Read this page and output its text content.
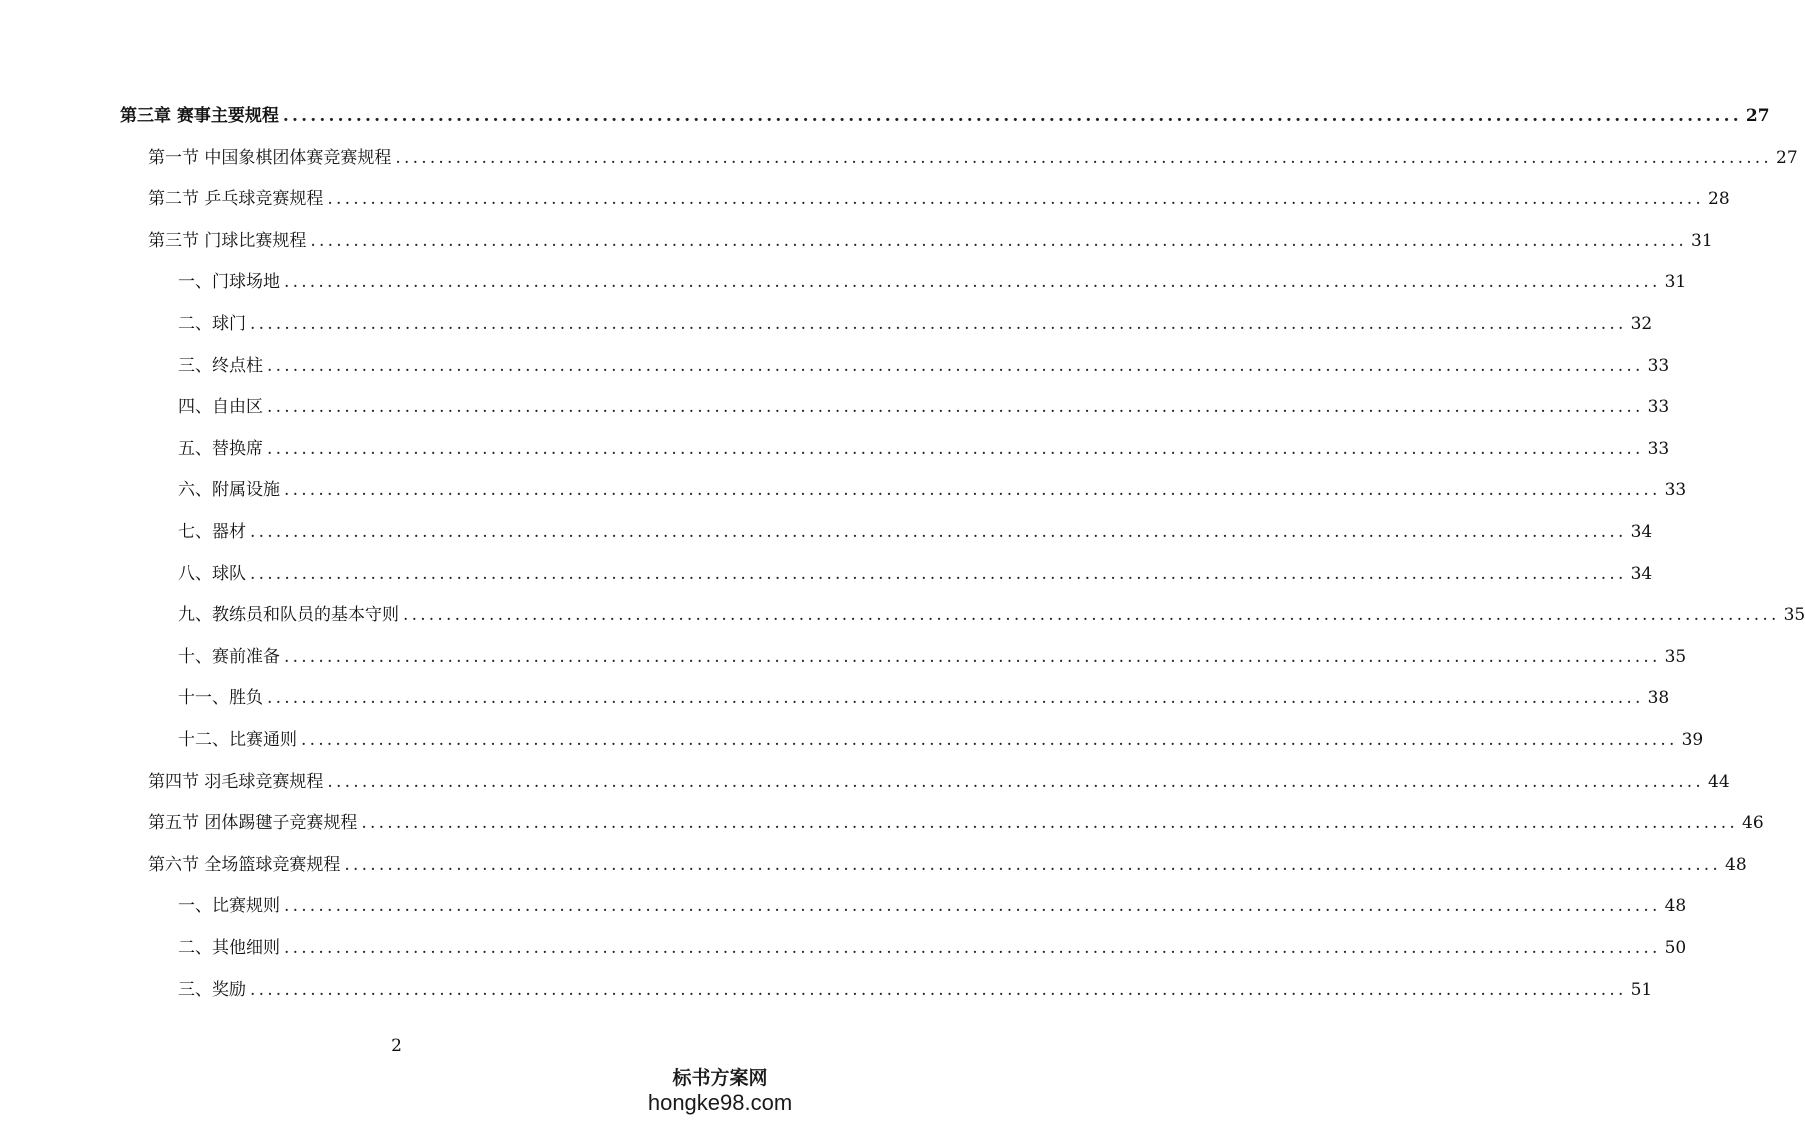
第三章 赛事主要规程 ................................................................................................................................................................ 27
第一节 中国象棋团体赛竞赛规程 ................................................................................................................................................................ 27
第二节 乒乓球竞赛规程 ................................................................................................................................................................ 28
第三节 门球比赛规程 ................................................................................................................................................................ 31
一、门球场地 ................................................................................................................................................................ 31
二、球门 ................................................................................................................................................................ 32
三、终点柱 ................................................................................................................................................................ 33
四、自由区 ................................................................................................................................................................ 33
五、替换席 ................................................................................................................................................................ 33
六、附属设施 ................................................................................................................................................................ 33
七、器材 ................................................................................................................................................................ 34
八、球队 ................................................................................................................................................................ 34
九、教练员和队员的基本守则 ................................................................................................................................................................ 35
十、赛前准备 ................................................................................................................................................................ 35
十一、胜负 ................................................................................................................................................................ 38
十二、比赛通则 ................................................................................................................................................................ 39
第四节 羽毛球竞赛规程 ................................................................................................................................................................ 44
第五节 团体踢毽子竞赛规程 ................................................................................................................................................................ 46
第六节 全场篮球竞赛规程 ................................................................................................................................................................ 48
一、比赛规则 ................................................................................................................................................................ 48
二、其他细则 ................................................................................................................................................................ 50
三、奖励 ................................................................................................................................................................ 51
2
标书方案网
hongke98.com
